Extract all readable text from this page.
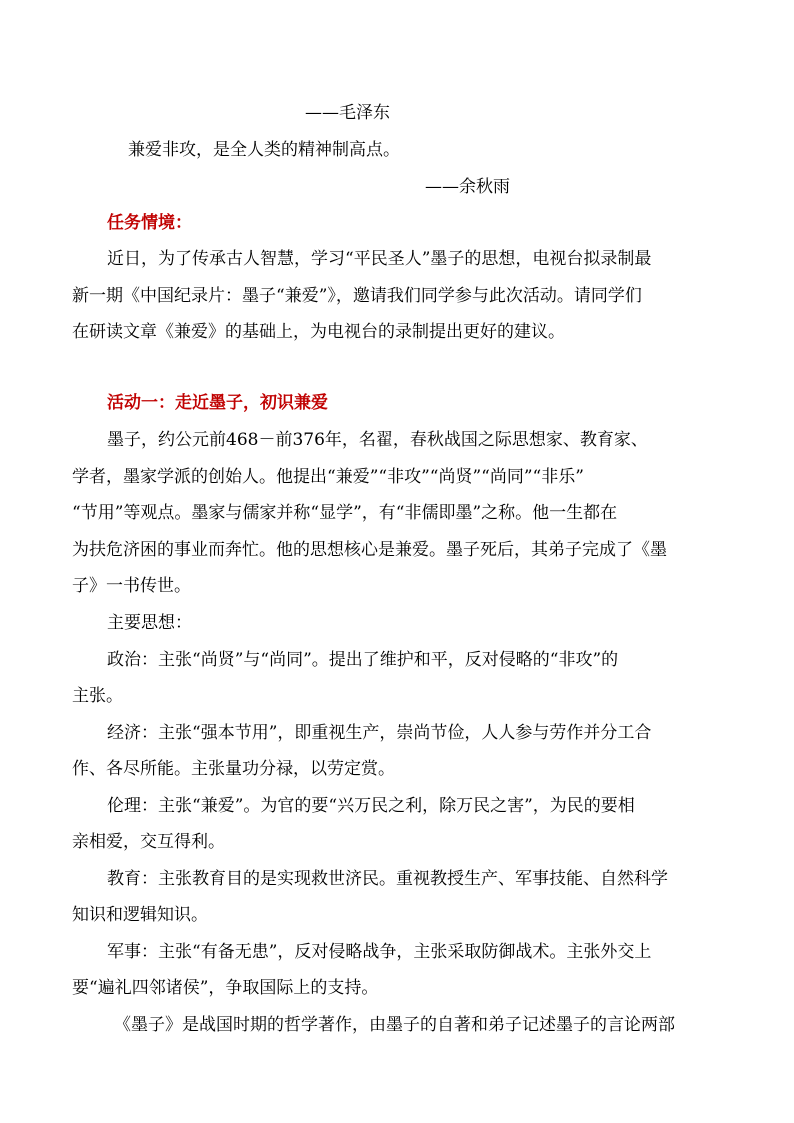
——毛泽东
兼爱非攻，是全人类的精神制高点。
——余秋雨
任务情境：
近日，为了传承古人智慧，学习“平民圣人”墨子的思想，电视台拟录制最
新一期《中国纪录片：墨子“兼爱”》，邀请我们同学参与此次活动。请同学们
在研读文章《兼爱》的基础上，为电视台的录制提出更好的建议。
活动一：走近墨子，初识兼爱
墨子，约公元前468－前376年，名翟，春秋战国之际思想家、教育家、
学者，墨家学派的创始人。他提出“兼爱”“非攻”“尚贤”“尚同”“非乐”
“节用”等观点。墨家与儒家并称“显学”，有“非儒即墨”之称。他一生都在
为扶危济困的事业而奔忙。他的思想核心是兼爱。墨子死后，其弟子完成了《墨
子》一书传世。
主要思想：
政治：主张“尚贤”与“尚同”。提出了维护和平，反对侵略的“非攻”的
主张。
经济：主张“强本节用”，即重视生产，崇尚节俭，人人参与劳作并分工合
作、各尽所能。主张量功分禄，以劳定赏。
伦理：主张“兼爱”。为官的要“兴万民之利，除万民之害”，为民的要相
亲相爱，交互得利。
教育：主张教育目的是实现救世济民。重视教授生产、军事技能、自然科学
知识和逻辑知识。
军事：主张“有备无患”，反对侵略战争，主张采取防御战术。主张外交上
要“遍礼四邻诸侯”，争取国际上的支持。
《墨子》是战国时期的哲学著作，由墨子的自著和弟子记述墨子的言论两部
